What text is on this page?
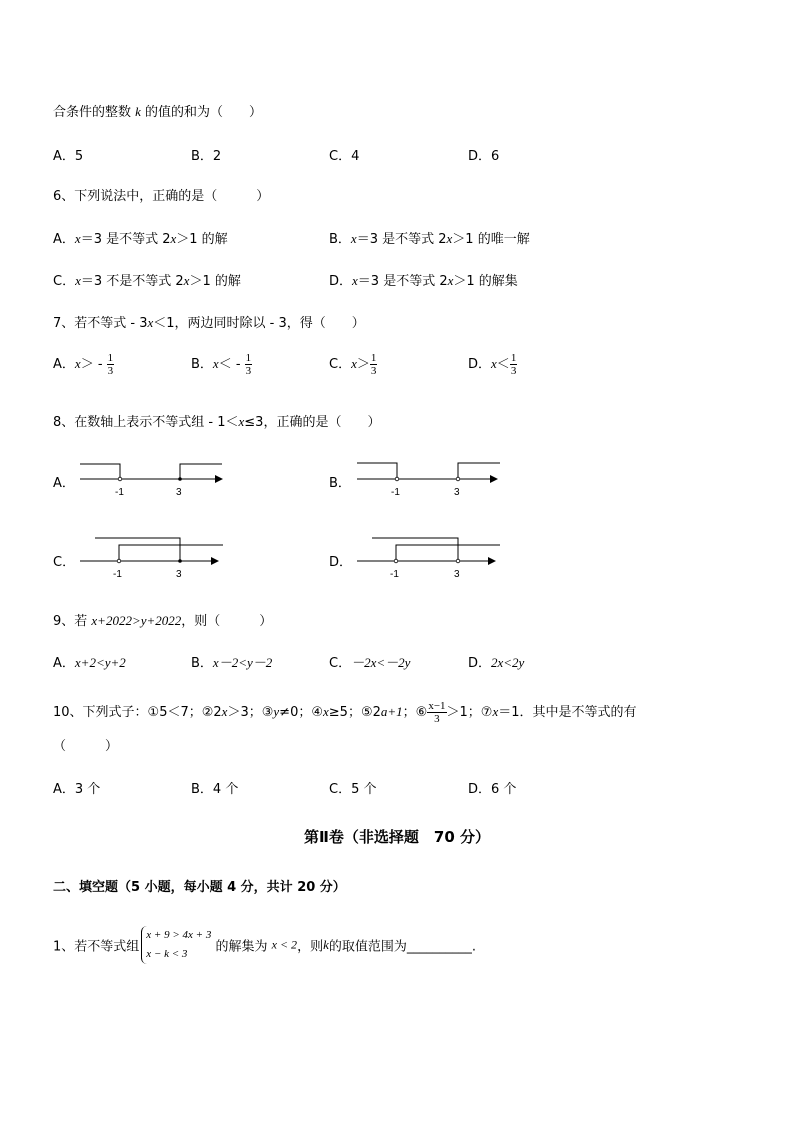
合条件的整数 k 的值的和为（　　）
A．5	B．2	C．4	D．6
6、下列说法中，正确的是（　　　）
A．x＝3 是不等式 2x＞1 的解	B．x＝3 是不等式 2x＞1 的唯一解
C．x＝3 不是不等式 2x＞1 的解	D．x＝3 是不等式 2x＞1 的解集
7、若不等式 - 3x＜1，两边同时除以 - 3，得（　　）
A．$x> - \frac{1}{3}$	B．$x< - \frac{1}{3}$	C．$x> \frac{1}{3}$	D．$x< \frac{1}{3}$
8、在数轴上表示不等式组 - 1＜x≤3，正确的是（　　）
A．
-1	3
B．
-1	3
C．
-1	3
D．
-1	3
9、若 x+2022>y+2022，则（　　　）
A．x+2<y+2	B．x－2<y－2	C．－2x<－2y	D．2x<2y
10、下列式子：①5＜7；②2x＞3；③y≠0；④x≥5；⑤2a+1；⑥ $\frac{x-1}{3} >1$；⑦x＝1．其中是不等式的有
（　　　）
A．3 个	B．4 个	C．5 个	D．6 个
第Ⅱ卷（非选择题　70 分）
二、填空题（5 小题，每小题 4 分，共计 20 分）
1、若不等式组
x + 9 > 4x + 3
x − k < 3	的解集为 x < 2，则k的取值范围为__________.
